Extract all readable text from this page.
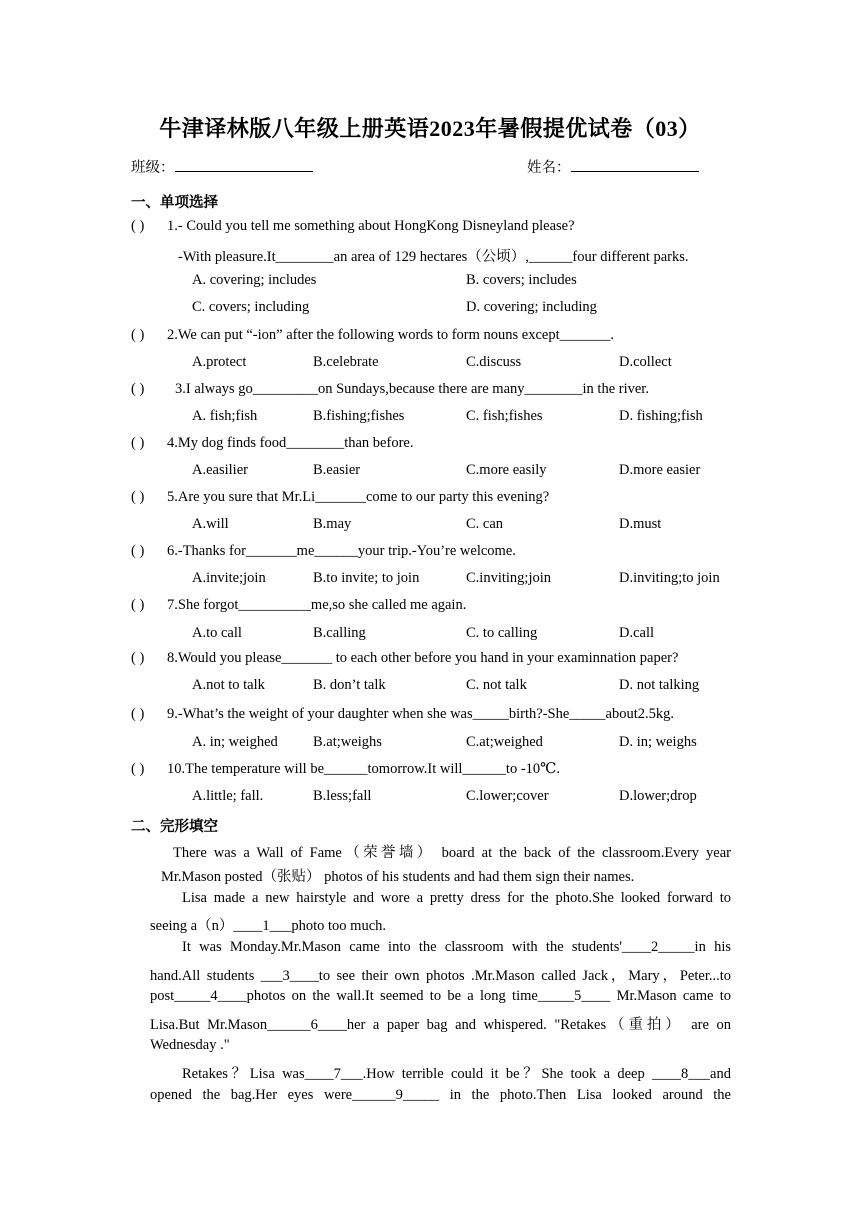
牛津译林版八年级上册英语2023年暑假提优试卷（03）
班级：	姓名：
一、单项选择
( ) 1.- Could you tell me something about HongKong Disneyland please?
-With pleasure.It________an area of 129 hectares（公顷）,______four different parks.
A. covering; includes	B. covers; includes
C. covers; including	D. covering; including
( ) 2.We can put “-ion” after the following words to form nouns except_______.
A.protect	B.celebrate	C.discuss	D.collect
( ) 3.I always go_________on Sundays,because there are many________in the river.
A. fish;fish	B.fishing;fishes	C. fish;fishes	D. fishing;fish
( ) 4.My dog finds food________than before.
A.easilier	B.easier	C.more easily	D.more easier
( ) 5.Are you sure that Mr.Li_______come to our party this evening?
A.will	B.may	C. can	D.must
( ) 6.-Thanks for_______me______your trip.-You’re welcome.
A.invite;join	B.to invite; to join	C.inviting;join	D.inviting;to join
( ) 7.She forgot__________me,so she called me again.
A.to call	B.calling	C. to calling	D.call
( ) 8.Would you please_______ to each other before you hand in your examinnation paper?
A.not to talk	B. don’t talk	C. not talk	D. not talking
( ) 9.-What’s the weight of your daughter when she was_____birth?-She_____about2.5kg.
A. in; weighed B.at;weighs	C.at;weighed	D. in; weighs
( ) 10.The temperature will be______tomorrow.It will______to -10℃.
A.little; fall.	B.less;fall	C.lower;cover	D.lower;drop
二、完形填空
There was a Wall of Fame（荣誉墙） board at the back of the classroom.Every year
Mr.Mason posted（张贴） photos of his students and had them sign their names.
Lisa made a new hairstyle and wore a pretty dress for the photo.She looked forward to
seeing a（n）____1___photo too much.
It was Monday.Mr.Mason came into the classroom with the students'____2_____in his
hand.All students ___3____to see their own photos .Mr.Mason called Jack，Mary，Peter...to
post_____4____photos on the wall.It seemed to be a long time_____5____ Mr.Mason came to
Lisa.But Mr.Mason______6____her a paper bag and whispered. "Retakes（重拍） are on
Wednesday ."
Retakes？Lisa was____7___.How terrible could it be？She took a deep ____8___and
opened the bag.Her eyes were______9_____ in the photo.Then Lisa looked around the
